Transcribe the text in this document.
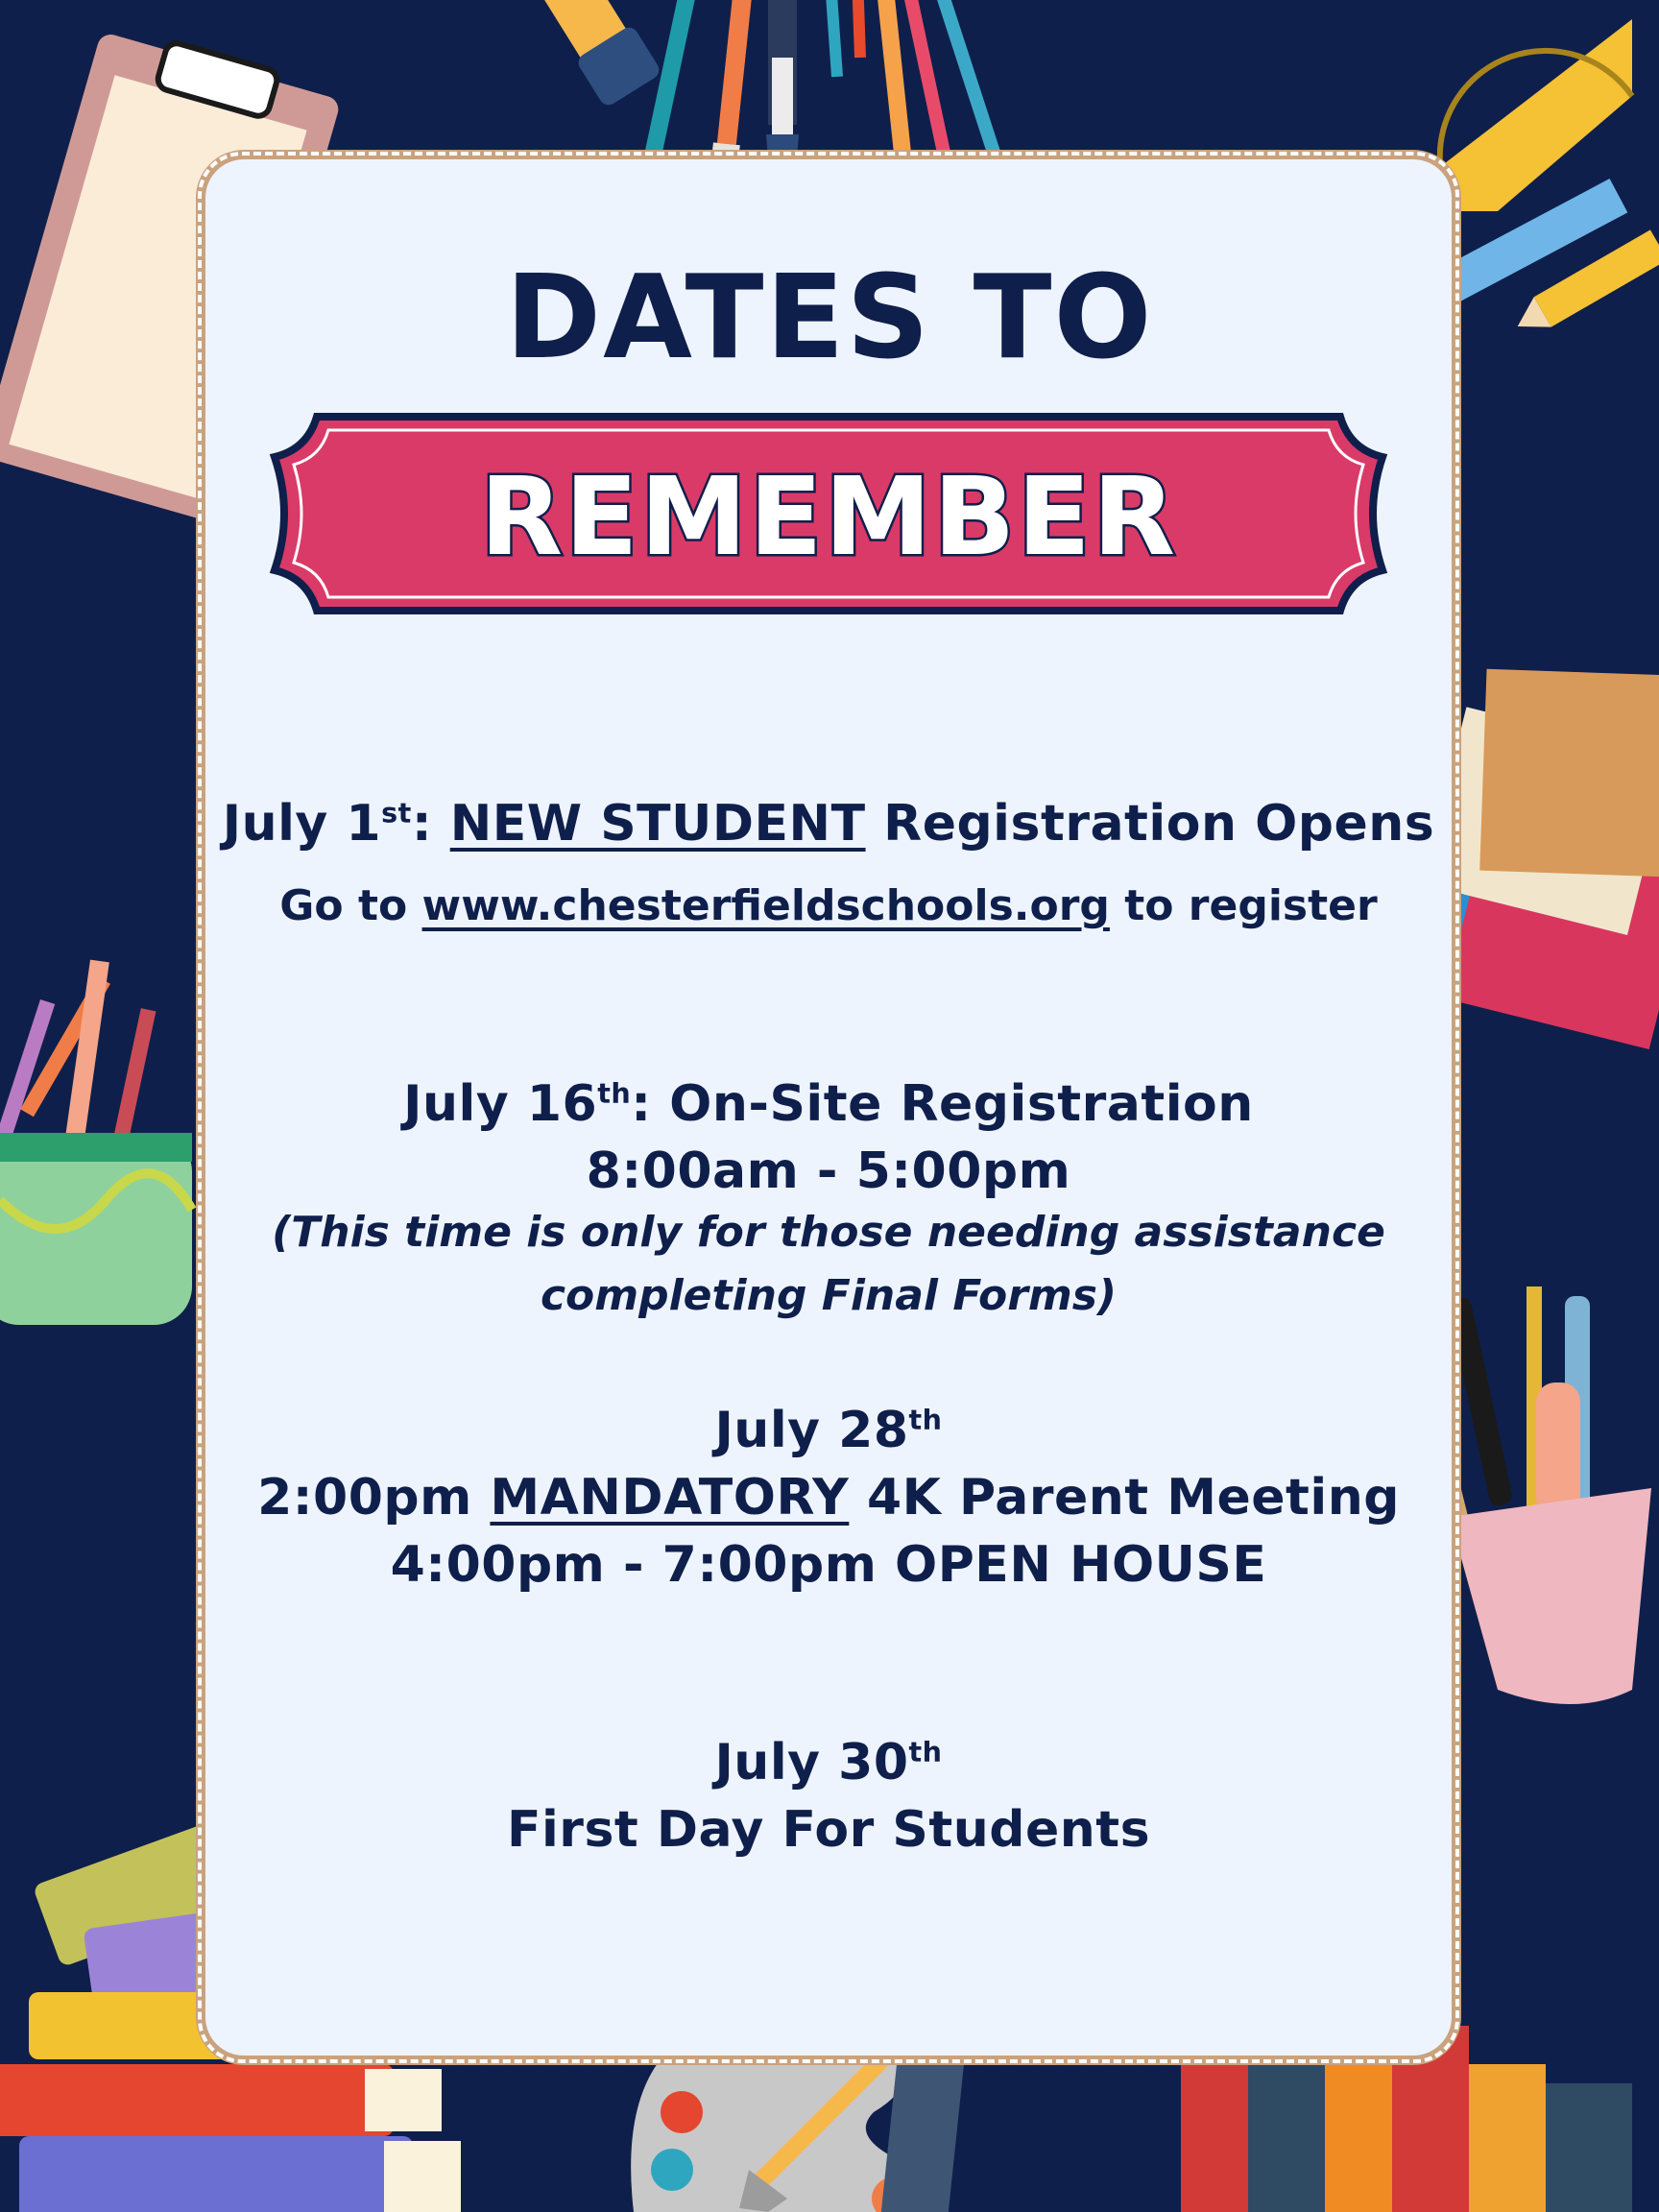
DATES TO
REMEMBER
July 1st: NEW STUDENT Registration Opens
Go to www.chesterfieldschools.org to register
July 16th: On-Site Registration
8:00am - 5:00pm
(This time is only for those needing assistance
completing Final Forms)
July 28th
2:00pm MANDATORY 4K Parent Meeting
4:00pm - 7:00pm OPEN HOUSE
July 30th
First Day For Students
